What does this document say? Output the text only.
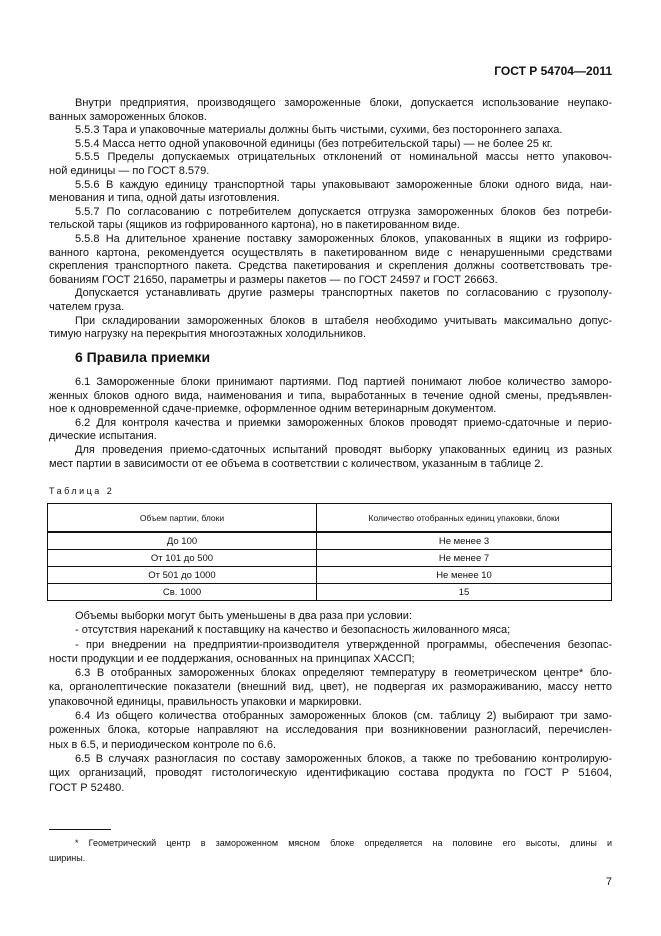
ГОСТ Р 54704—2011
Внутри предприятия, производящего замороженные блоки, допускается использование неупако-
ванных замороженных блоков.
5.5.3 Тара и упаковочные материалы должны быть чистыми, сухими, без постороннего запаха.
5.5.4 Масса нетто одной упаковочной единицы (без потребительской тары) — не более 25 кг.
5.5.5 Пределы допускаемых отрицательных отклонений от номинальной массы нетто упаковоч-
ной единицы — по ГОСТ 8.579.
5.5.6 В каждую единицу транспортной тары упаковывают замороженные блоки одного вида, наи-
менования и типа, одной даты изготовления.
5.5.7 По согласованию с потребителем допускается отгрузка замороженных блоков без потреби-
тельской тары (ящиков из гофрированного картона), но в пакетированном виде.
5.5.8 На длительное хранение поставку замороженных блоков, упакованных в ящики из гофриро-
ванного картона, рекомендуется осуществлять в пакетированном виде с ненарушенными средствами
скрепления транспортного пакета. Средства пакетирования и скрепления должны соответствовать тре-
бованиям ГОСТ 21650, параметры и размеры пакетов — по ГОСТ 24597 и ГОСТ 26663.
Допускается устанавливать другие размеры транспортных пакетов по согласованию с грузополу-
чателем груза.
При складировании замороженных блоков в штабеля необходимо учитывать максимально допус-
тимую нагрузку на перекрытия многоэтажных холодильников.
6 Правила приемки
6.1 Замороженные блоки принимают партиями. Под партией понимают любое количество заморо-
женных блоков одного вида, наименования и типа, выработанных в течение одной смены, предъявлен-
ное к одновременной сдаче-приемке, оформленное одним ветеринарным документом.
6.2 Для контроля качества и приемки замороженных блоков проводят приемо-сдаточные и перио-
дические испытания.
Для проведения приемо-сдаточных испытаний проводят выборку упакованных единиц из разных
мест партии в зависимости от ее объема в соответствии с количеством, указанным в таблице 2.
Таблица 2
Объем партии, блоки	Количество отобранных единиц упаковки, блоки
До 100	Не менее 3
От 101 до 500	Не менее 7
От 501 до 1000	Не менее 10
Св. 1000	15
Объемы выборки могут быть уменьшены в два раза при условии:
- отсутствия нареканий к поставщику на качество и безопасность жилованного мяса;
- при внедрении на предприятии-производителя утвержденной программы, обеспечения безопас-
ности продукции и ее поддержания, основанных на принципах ХАССП;
6.3 В отобранных замороженных блоках определяют температуру в геометрическом центре* бло-
ка, органолептические показатели (внешний вид, цвет), не подвергая их размораживанию, массу нетто
упаковочной единицы, правильность упаковки и маркировки.
6.4 Из общего количества отобранных замороженных блоков (см. таблицу 2) выбирают три замо-
роженных блока, которые направляют на исследования при возникновении разногласий, перечислен-
ных в 6.5, и периодическом контроле по 6.6.
6.5 В случаях разногласия по составу замороженных блоков, а также по требованию контролирую-
щих организаций, проводят гистологическую идентификацию состава продукта по ГОСТ Р 51604,
ГОСТ Р 52480.
* Геометрический центр в замороженном мясном блоке определяется на половине его высоты, длины и
ширины.
7
